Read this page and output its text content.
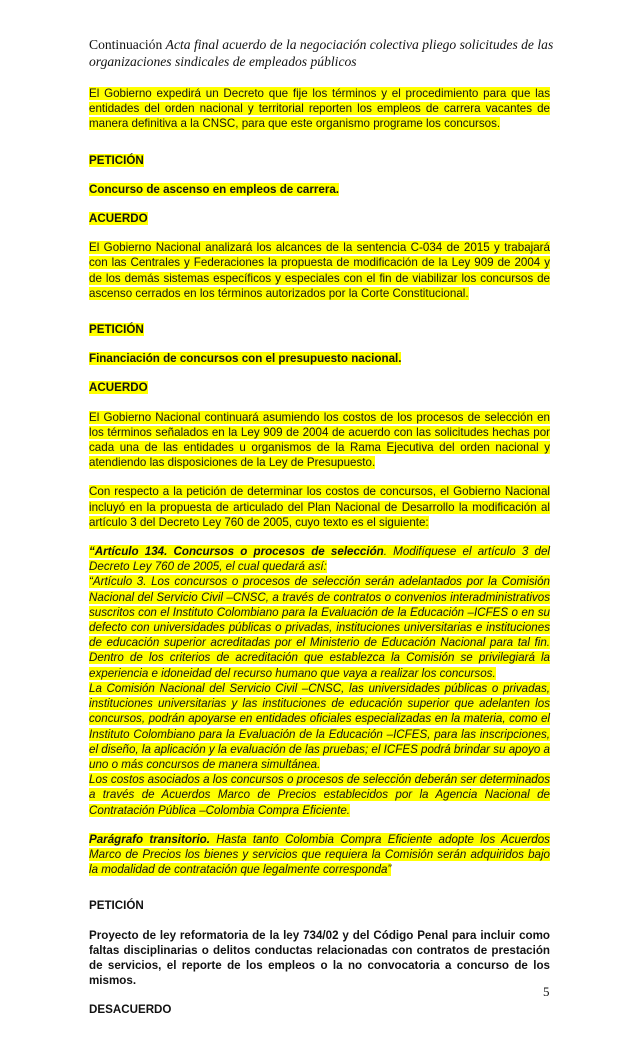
Continuación Acta final acuerdo de la negociación colectiva pliego solicitudes de las organizaciones sindicales de empleados públicos

El Gobierno expedirá un Decreto que fije los términos y el procedimiento para que las entidades del orden nacional y territorial reporten los empleos de carrera vacantes de manera definitiva a la CNSC, para que este organismo programe los concursos.

PETICIÓN

Concurso de ascenso en empleos de carrera.

ACUERDO

El Gobierno Nacional analizará los alcances de la sentencia C-034 de 2015 y trabajará con las Centrales y Federaciones la propuesta de modificación de la Ley 909 de 2004 y de los demás sistemas específicos y especiales con el fin de viabilizar los concursos de ascenso cerrados en los términos autorizados por la Corte Constitucional.

PETICIÓN

Financiación de concursos con el presupuesto nacional.

ACUERDO

El Gobierno Nacional continuará asumiendo los costos de los procesos de selección en los términos señalados en la Ley 909 de 2004 de acuerdo con las solicitudes hechas por cada una de las entidades u organismos de la Rama Ejecutiva del orden nacional y atendiendo las disposiciones de la Ley de Presupuesto.

Con respecto a la petición de determinar los costos de concursos, el Gobierno Nacional incluyó en la propuesta de articulado del Plan Nacional de Desarrollo la modificación al artículo 3 del Decreto Ley 760 de 2005, cuyo texto es el siguiente:

“Artículo 134. Concursos o procesos de selección. Modifíquese el artículo 3 del Decreto Ley 760 de 2005, el cual quedará así:
“Artículo 3. Los concursos o procesos de selección serán adelantados por la Comisión Nacional del Servicio Civil –CNSC, a través de contratos o convenios interadministrativos suscritos con el Instituto Colombiano para la Evaluación de la Educación –ICFES o en su defecto con universidades públicas o privadas, instituciones universitarias e instituciones de educación superior acreditadas por el Ministerio de Educación Nacional para tal fin. Dentro de los criterios de acreditación que establezca la Comisión se privilegiará la experiencia e idoneidad del recurso humano que vaya a realizar los concursos.
La Comisión Nacional del Servicio Civil –CNSC, las universidades públicas o privadas, instituciones universitarias y las instituciones de educación superior que adelanten los concursos, podrán apoyarse en entidades oficiales especializadas en la materia, como el Instituto Colombiano para la Evaluación de la Educación –ICFES, para las inscripciones, el diseño, la aplicación y la evaluación de las pruebas; el ICFES podrá brindar su apoyo a uno o más concursos de manera simultánea.
Los costos asociados a los concursos o procesos de selección deberán ser determinados a través de Acuerdos Marco de Precios establecidos por la Agencia Nacional de Contratación Pública –Colombia Compra Eficiente.

Parágrafo transitorio. Hasta tanto Colombia Compra Eficiente adopte los Acuerdos Marco de Precios los bienes y servicios que requiera la Comisión serán adquiridos bajo la modalidad de contratación que legalmente corresponda”

PETICIÓN

Proyecto de ley reformatoria de la ley 734/02 y del Código Penal para incluir como faltas disciplinarias o delitos conductas relacionadas con contratos de prestación de servicios, el reporte de los empleos o la no convocatoria a concurso de los mismos.

DESACUERDO

5
